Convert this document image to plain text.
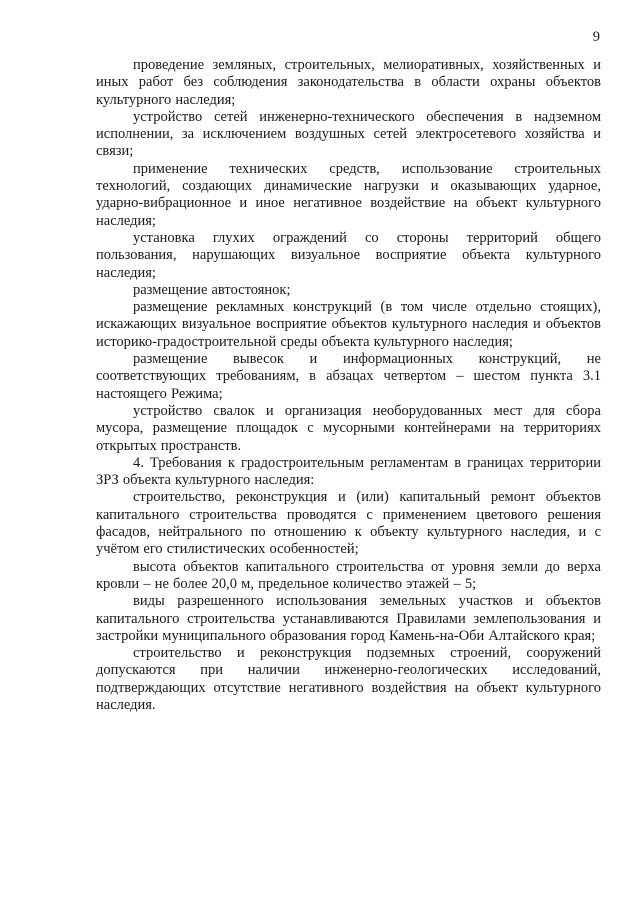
9

проведение земляных, строительных, мелиоративных, хозяйственных и иных работ без соблюдения законодательства в области охраны объектов культурного наследия;

устройство сетей инженерно-технического обеспечения в надземном исполнении, за исключением воздушных сетей электросетевого хозяйства и связи;

применение технических средств, использование строительных технологий, создающих динамические нагрузки и оказывающих ударное, ударно-вибрационное и иное негативное воздействие на объект культурного наследия;

установка глухих ограждений со стороны территорий общего пользования, нарушающих визуальное восприятие объекта культурного наследия;

размещение автостоянок;

размещение рекламных конструкций (в том числе отдельно стоящих), искажающих визуальное восприятие объектов культурного наследия и объектов историко-градостроительной среды объекта культурного наследия;

размещение вывесок и информационных конструкций, не соответствующих требованиям, в абзацах четвертом – шестом пункта 3.1 настоящего Режима;

устройство свалок и организация необорудованных мест для сбора мусора, размещение площадок с мусорными контейнерами на территориях открытых пространств.

4. Требования к градостроительным регламентам в границах территории ЗРЗ объекта культурного наследия:

строительство, реконструкция и (или) капитальный ремонт объектов капитального строительства проводятся с применением цветового решения фасадов, нейтрального по отношению к объекту культурного наследия, и с учётом его стилистических особенностей;

высота объектов капитального строительства от уровня земли до верха кровли – не более 20,0 м, предельное количество этажей – 5;

виды разрешенного использования земельных участков и объектов капитального строительства устанавливаются Правилами землепользования и застройки муниципального образования город Камень-на-Оби Алтайского края;

строительство и реконструкция подземных строений, сооружений допускаются при наличии инженерно-геологических исследований, подтверждающих отсутствие негативного воздействия на объект культурного наследия.
